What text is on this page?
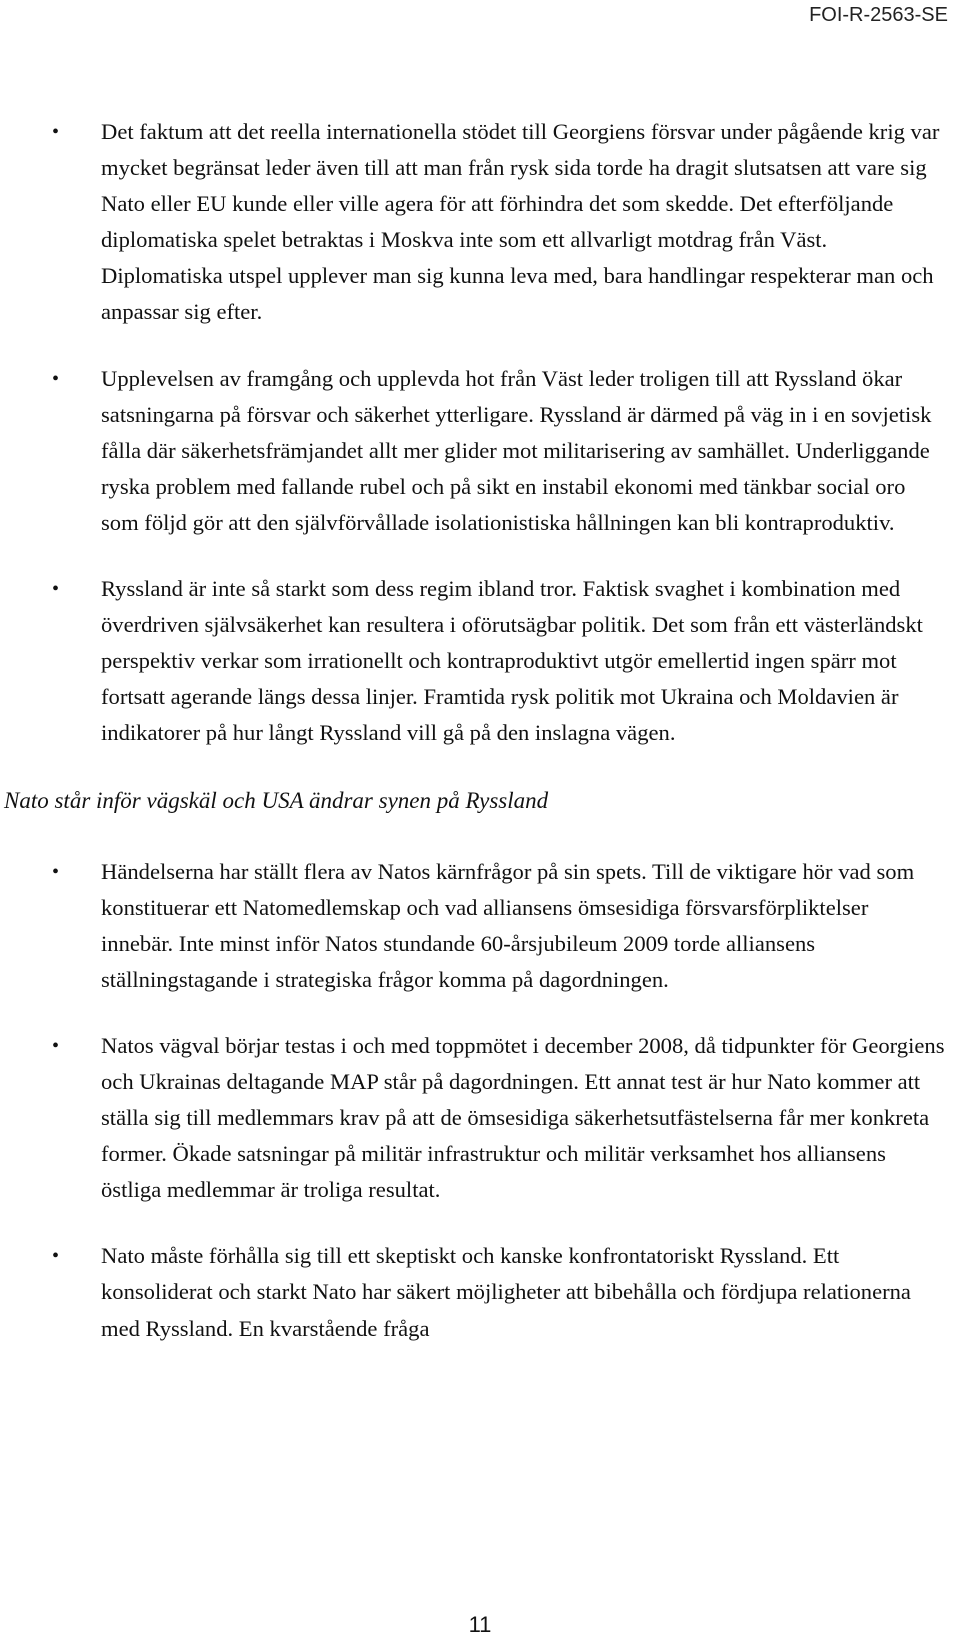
FOI-R-2563-SE

• Det faktum att det reella internationella stödet till Georgiens försvar under pågående krig var mycket begränsat leder även till att man från rysk sida torde ha dragit slutsatsen att vare sig Nato eller EU kunde eller ville agera för att förhindra det som skedde. Det efterföljande diplomatiska spelet betraktas i Moskva inte som ett allvarligt motdrag från Väst. Diplomatiska utspel upplever man sig kunna leva med, bara handlingar respekterar man och anpassar sig efter.

• Upplevelsen av framgång och upplevda hot från Väst leder troligen till att Ryssland ökar satsningarna på försvar och säkerhet ytterligare. Ryssland är därmed på väg in i en sovjetisk fålla där säkerhetsfrämjandet allt mer glider mot militarisering av samhället. Underliggande ryska problem med fallande rubel och på sikt en instabil ekonomi med tänkbar social oro som följd gör att den självförvållade isolationistiska hållningen kan bli kontraproduktiv.

• Ryssland är inte så starkt som dess regim ibland tror. Faktisk svaghet i kombination med överdriven självsäkerhet kan resultera i oförutsägbar politik. Det som från ett västerländskt perspektiv verkar som irrationellt och kontraproduktivt utgör emellertid ingen spärr mot fortsatt agerande längs dessa linjer. Framtida rysk politik mot Ukraina och Moldavien är indikatorer på hur långt Ryssland vill gå på den inslagna vägen.

Nato står inför vägskäl och USA ändrar synen på Ryssland

• Händelserna har ställt flera av Natos kärnfrågor på sin spets. Till de viktigare hör vad som konstituerar ett Natomedlemskap och vad alliansens ömsesidiga försvarsförpliktelser innebär. Inte minst inför Natos stundande 60-årsjubileum 2009 torde alliansens ställningstagande i strategiska frågor komma på dagordningen.

• Natos vägval börjar testas i och med toppmötet i december 2008, då tidpunkter för Georgiens och Ukrainas deltagande MAP står på dagordningen. Ett annat test är hur Nato kommer att ställa sig till medlemmars krav på att de ömsesidiga säkerhetsutfästelserna får mer konkreta former. Ökade satsningar på militär infrastruktur och militär verksamhet hos alliansens östliga medlemmar är troliga resultat.

• Nato måste förhålla sig till ett skeptiskt och kanske konfrontatoriskt Ryssland. Ett konsoliderat och starkt Nato har säkert möjligheter att bibehålla och fördjupa relationerna med Ryssland. En kvarstående fråga

11
